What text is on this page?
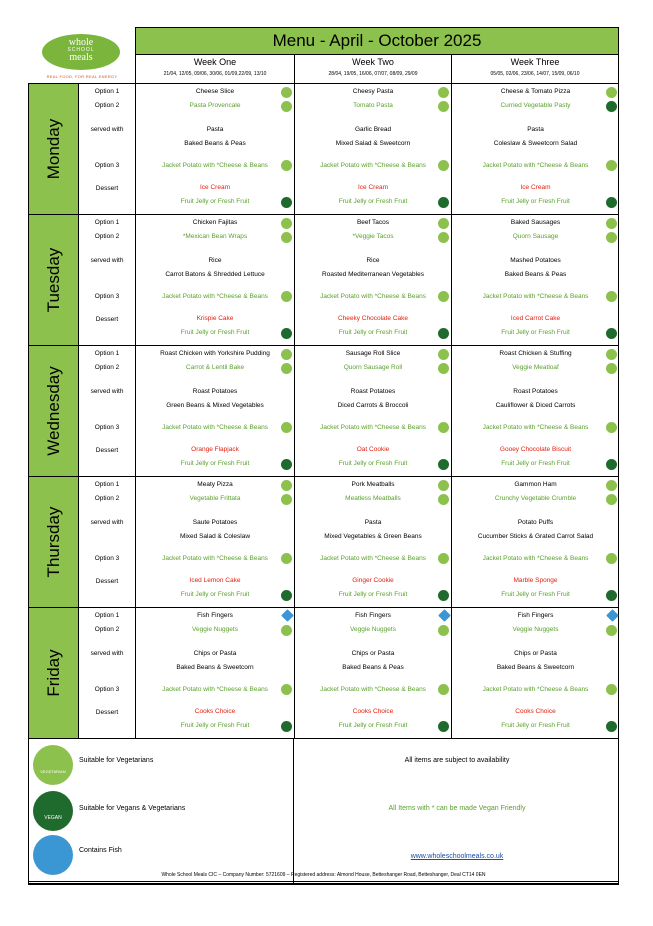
whole
SCHOOL
meals
REAL FOOD, FOR REAL ENERGY
Menu - April - October 2025
Week One
21/04, 12/05, 09/06, 30/06, 01/09,22/09, 13/10
Week Two
28/04, 19/05, 16/06, 07/07, 08/09, 29/09
Week Three
05/05, 02/06, 23/06, 14/07, 15/09, 06/10
Monday
Option 1
Option 2
served with
Option 3
Dessert
Cheese Slice
Pasta Provencale
Pasta
Baked Beans & Peas
Jacket Potato with *Cheese & Beans
Ice Cream
Fruit Jelly or Fresh Fruit
Cheesy Pasta
Tomato Pasta
Garlic Bread
Mixed Salad & Sweetcorn
Jacket Potato with *Cheese & Beans
Ice Cream
Fruit Jelly or Fresh Fruit
Cheese & Tomato Pizza
Curried Vegetable Pasty
Pasta
Coleslaw & Sweetcorn Salad
Jacket Potato with *Cheese & Beans
Ice Cream
Fruit Jelly or Fresh Fruit
Tuesday
Option 1
Option 2
served with
Option 3
Dessert
Chicken Fajitas
*Mexican Bean Wraps
Rice
Carrot Batons & Shredded Lettuce
Jacket Potato with *Cheese & Beans
Krispie Cake
Fruit Jelly or Fresh Fruit
Beef Tacos
*Veggie Tacos
Rice
Roasted Mediterranean Vegetables
Jacket Potato with *Cheese & Beans
Cheeky Chocolate Cake
Fruit Jelly or Fresh Fruit
Baked Sausages
Quorn Sausage
Mashed Potatoes
Baked Beans & Peas
Jacket Potato with *Cheese & Beans
Iced Carrot Cake
Fruit Jelly or Fresh Fruit
Wednesday
Option 1
Option 2
served with
Option 3
Dessert
Roast Chicken with Yorkshire Pudding
Carrot & Lentil Bake
Roast Potatoes
Green Beans & Mixed Vegetables
Jacket Potato with *Cheese & Beans
Orange Flapjack
Fruit Jelly or Fresh Fruit
Sausage Roll Slice
Quorn Sausage Roll
Roast Potatoes
Diced Carrots & Broccoli
Jacket Potato with *Cheese & Beans
Oat Cookie
Fruit Jelly or Fresh Fruit
Roast Chicken & Stuffing
Veggie Meatloaf
Roast Potatoes
Cauliflower & Diced Carrots
Jacket Potato with *Cheese & Beans
Gooey Chocolate Biscuit
Fruit Jelly or Fresh Fruit
Thursday
Option 1
Option 2
served with
Option 3
Dessert
Meaty Pizza
Vegetable Frittata
Saute Potatoes
Mixed Salad & Coleslaw
Jacket Potato with *Cheese & Beans
Iced Lemon Cake
Fruit Jelly or Fresh Fruit
Pork Meatballs
Meatless Meatballs
Pasta
Mixed Vegetables & Green Beans
Jacket Potato with *Cheese & Beans
Ginger Cookie
Fruit Jelly or Fresh Fruit
Gammon Ham
Crunchy Vegetable Crumble
Potato Puffs
Cucumber Sticks & Grated Carrot Salad
Jacket Potato with *Cheese & Beans
Marble Sponge
Fruit Jelly or Fresh Fruit
Friday
Option 1
Option 2
served with
Option 3
Dessert
Fish Fingers
Veggie Nuggets
Chips or Pasta
Baked Beans & Sweetcorn
Jacket Potato with *Cheese & Beans
Cooks Choice
Fruit Jelly or Fresh Fruit
Fish Fingers
Veggie Nuggets
Chips or Pasta
Baked Beans & Peas
Jacket Potato with *Cheese & Beans
Cooks Choice
Fruit Jelly or Fresh Fruit
Fish Fingers
Veggie Nuggets
Chips or Pasta
Baked Beans & Sweetcorn
Jacket Potato with *Cheese & Beans
Cooks Choice
Fruit Jelly or Fresh Fruit
VEGETARIAN
Suitable for Vegetarians
VEGAN
Suitable for Vegans & Vegetarians
Contains Fish
All items are subject to availability
All Items with * can be made Vegan Friendly
www.wholeschoolmeals.co.uk
Whole School Meals CIC – Company Number: 5721609 – Registered address: Almond House, Betteshanger Road, Betteshanger, Deal CT14 0EN
